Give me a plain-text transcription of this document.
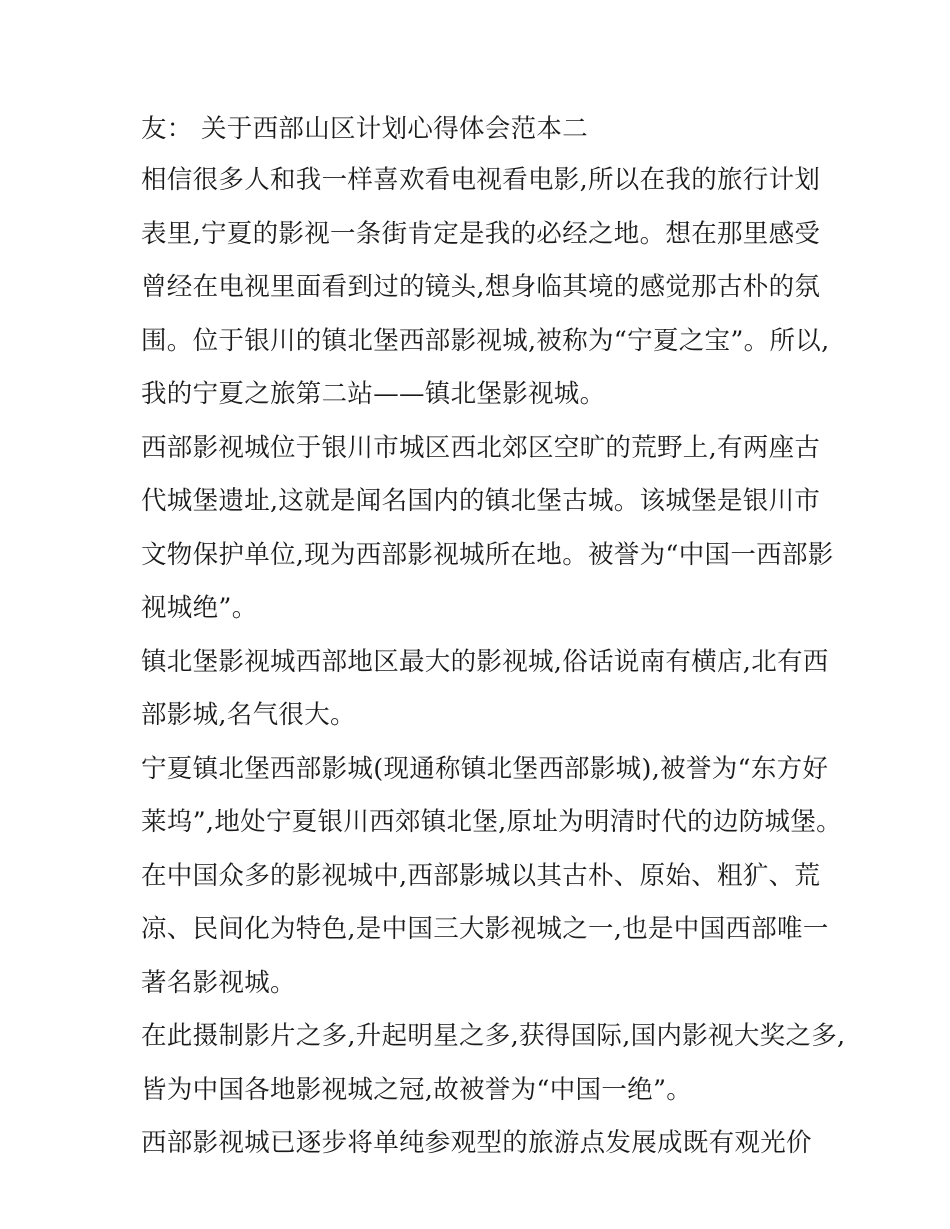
友： 关于西部山区计划心得体会范本二
相信很多人和我一样喜欢看电视看电影,所以在我的旅行计划
表里,宁夏的影视一条街肯定是我的必经之地。想在那里感受
曾经在电视里面看到过的镜头,想身临其境的感觉那古朴的氛
围。位于银川的镇北堡西部影视城,被称为“宁夏之宝”。所以,
我的宁夏之旅第二站——镇北堡影视城。
西部影视城位于银川市城区西北郊区空旷的荒野上,有两座古
代城堡遗址,这就是闻名国内的镇北堡古城。该城堡是银川市
文物保护单位,现为西部影视城所在地。被誉为“中国一西部影
视城绝”。
镇北堡影视城西部地区最大的影视城,俗话说南有横店,北有西
部影城,名气很大。
宁夏镇北堡西部影城(现通称镇北堡西部影城),被誉为“东方好
莱坞”,地处宁夏银川西郊镇北堡,原址为明清时代的边防城堡。
在中国众多的影视城中,西部影城以其古朴、原始、粗犷、荒
凉、民间化为特色,是中国三大影视城之一,也是中国西部唯一
著名影视城。
在此摄制影片之多,升起明星之多,获得国际,国内影视大奖之多,
皆为中国各地影视城之冠,故被誉为“中国一绝”。
西部影视城已逐步将单纯参观型的旅游点发展成既有观光价
